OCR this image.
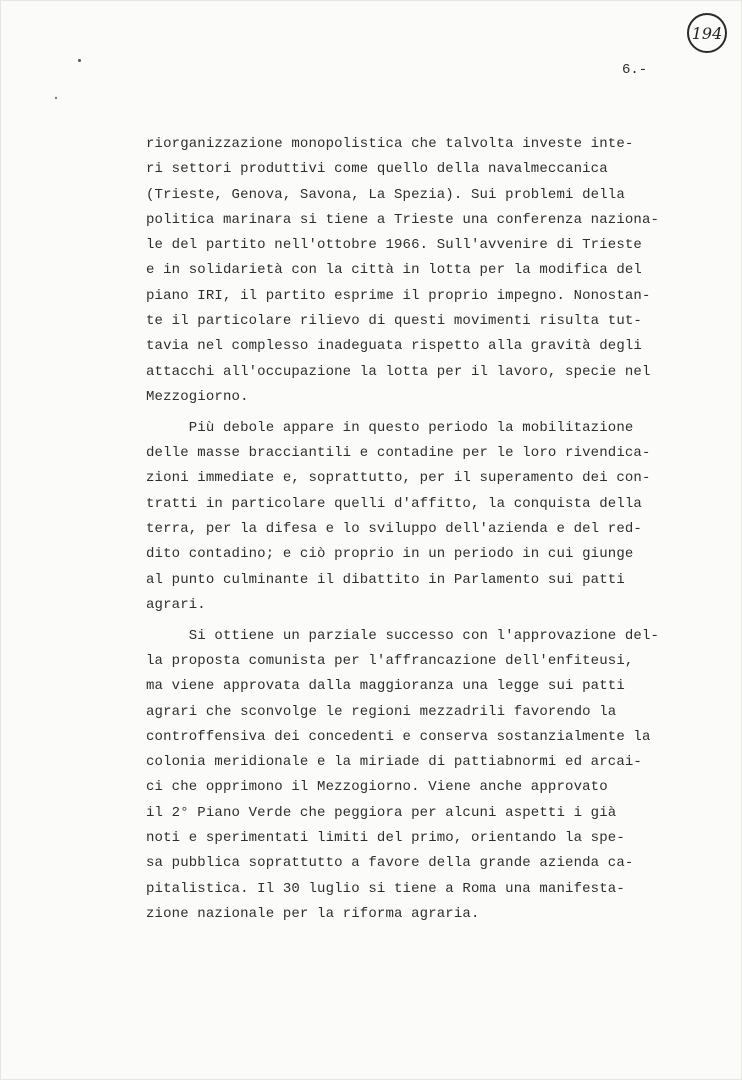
194
6.-
riorganizzazione monopolistica che talvolta investe inte-
ri settori produttivi come quello della navalmeccanica
(Trieste, Genova, Savona, La Spezia). Sui problemi della
politica marinara si tiene a Trieste una conferenza naziona-
le del partito nell'ottobre 1966. Sull'avvenire di Trieste
e in solidarietà con la città in lotta per la modifica del
piano IRI, il partito esprime il proprio impegno. Nonostan-
te il particolare rilievo di questi movimenti risulta tut-
tavia nel complesso inadeguata rispetto alla gravità degli
attacchi all'occupazione la lotta per il lavoro, specie nel
Mezzogiorno.
Più debole appare in questo periodo la mobilitazione
delle masse bracciantili e contadine per le loro rivendica-
zioni immediate e, soprattutto, per il superamento dei con-
tratti in particolare quelli d'affitto, la conquista della
terra, per la difesa e lo sviluppo dell'azienda e del red-
dito contadino; e ciò proprio in un periodo in cui giunge
al punto culminante il dibattito in Parlamento sui patti
agrari.
Si ottiene un parziale successo con l'approvazione del-
la proposta comunista per l'affrancazione dell'enfiteusi,
ma viene approvata dalla maggioranza una legge sui patti
agrari che sconvolge le regioni mezzadrili favorendo la
controffensiva dei concedenti e conserva sostanzialmente la
colonia meridionale e la miriade di pattiabnormi ed arcai-
ci che opprimono il Mezzogiorno. Viene anche approvato
il 2° Piano Verde che peggiora per alcuni aspetti i già
noti e sperimentati limiti del primo, orientando la spe-
sa pubblica soprattutto a favore della grande azienda ca-
pitalistica. Il 30 luglio si tiene a Roma una manifesta-
zione nazionale per la riforma agraria.
